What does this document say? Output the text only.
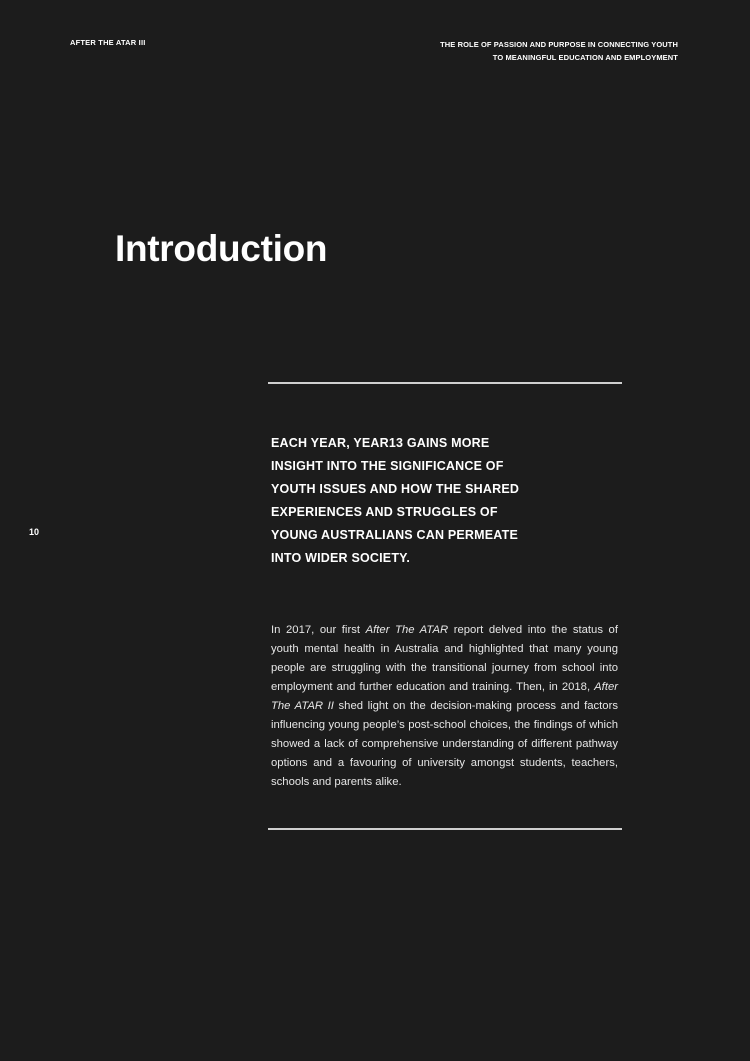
AFTER THE ATAR III	THE ROLE OF PASSION AND PURPOSE IN CONNECTING YOUTH
TO MEANINGFUL EDUCATION AND EMPLOYMENT
Introduction
EACH YEAR, YEAR13 GAINS MORE
INSIGHT INTO THE SIGNIFICANCE OF
YOUTH ISSUES AND HOW THE SHARED
EXPERIENCES AND STRUGGLES OF
YOUNG AUSTRALIANS CAN PERMEATE
INTO WIDER SOCIETY.
10

In 2017, our first After The ATAR report delved into the status of youth mental health in Australia and highlighted that many young people are struggling with the transitional journey from school into employment and further education and training. Then, in 2018, After The ATAR II shed light on the decision-making process and factors influencing young people’s post-school choices, the findings of which showed a lack of comprehensive understanding of different pathway options and a favouring of university amongst students, teachers, schools and parents alike.
